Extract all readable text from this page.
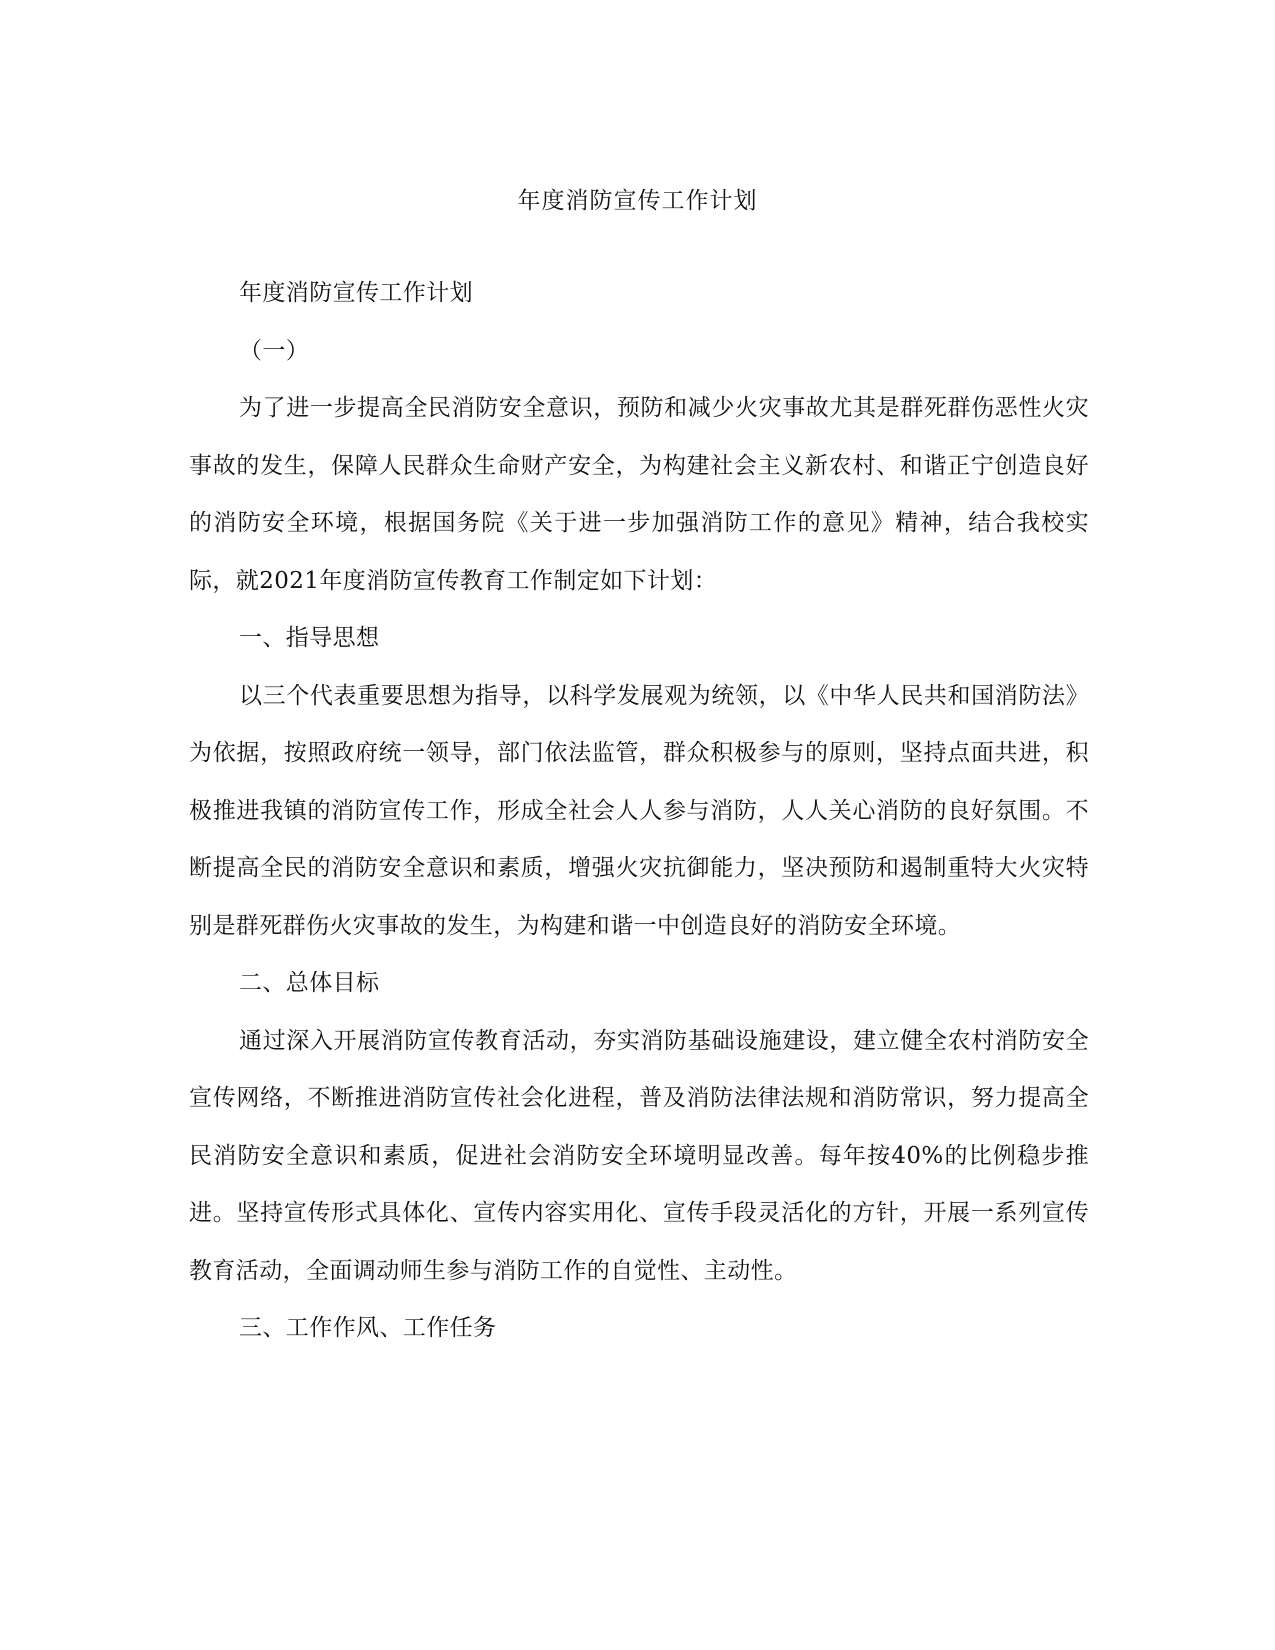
年度消防宣传工作计划

年度消防宣传工作计划

（一）

为了进一步提高全民消防安全意识，预防和减少火灾事故尤其是群死群伤恶性火灾事故的发生，保障人民群众生命财产安全，为构建社会主义新农村、和谐正宁创造良好的消防安全环境，根据国务院《关于进一步加强消防工作的意见》精神，结合我校实际，就2021年度消防宣传教育工作制定如下计划：

一、指导思想

以三个代表重要思想为指导，以科学发展观为统领，以《中华人民共和国消防法》为依据，按照政府统一领导，部门依法监管，群众积极参与的原则，坚持点面共进，积极推进我镇的消防宣传工作，形成全社会人人参与消防，人人关心消防的良好氛围。不断提高全民的消防安全意识和素质，增强火灾抗御能力，坚决预防和遏制重特大火灾特别是群死群伤火灾事故的发生，为构建和谐一中创造良好的消防安全环境。

二、总体目标

通过深入开展消防宣传教育活动，夯实消防基础设施建设，建立健全农村消防安全宣传网络，不断推进消防宣传社会化进程，普及消防法律法规和消防常识，努力提高全民消防安全意识和素质，促进社会消防安全环境明显改善。每年按40%的比例稳步推进。坚持宣传形式具体化、宣传内容实用化、宣传手段灵活化的方针，开展一系列宣传教育活动，全面调动师生参与消防工作的自觉性、主动性。

三、工作作风、工作任务
